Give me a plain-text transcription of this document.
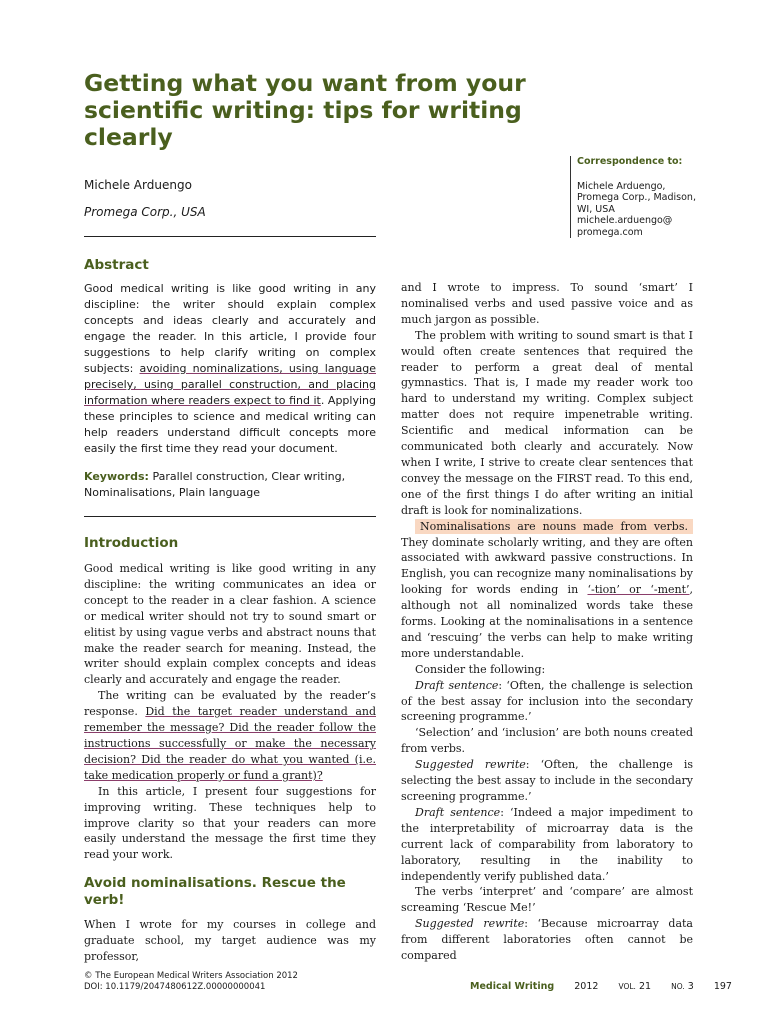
Getting what you want from your scientific writing: tips for writing clearly
Michele Arduengo
Promega Corp., USA
Correspondence to:
Michele Arduengo,
Promega Corp., Madison,
WI, USA
michele.arduengo@
promega.com
Abstract

Good medical writing is like good writing in any discipline: the writer should explain complex concepts and ideas clearly and accurately and engage the reader. In this article, I provide four suggestions to help clarify writing on complex subjects: avoiding nominalizations, using language precisely, using parallel construction, and placing information where readers expect to find it. Applying these principles to science and medical writing can help readers understand difficult concepts more easily the first time they read your document.

Keywords: Parallel construction, Clear writing, Nominalisations, Plain language

Introduction

Good medical writing is like good writing in any discipline: the writing communicates an idea or concept to the reader in a clear fashion. A science or medical writer should not try to sound smart or elitist by using vague verbs and abstract nouns that make the reader search for meaning. Instead, the writer should explain complex concepts and ideas clearly and accurately and engage the reader.

The writing can be evaluated by the reader’s response. Did the target reader understand and remember the message? Did the reader follow the instructions successfully or make the necessary decision? Did the reader do what you wanted (i.e. take medication properly or fund a grant)?

In this article, I present four suggestions for improving writing. These techniques help to improve clarity so that your readers can more easily understand the message the first time they read your work.

Avoid nominalisations. Rescue the verb!

When I wrote for my courses in college and graduate school, my target audience was my professor,

and I wrote to impress. To sound ‘smart’ I nominalised verbs and used passive voice and as much jargon as possible.

The problem with writing to sound smart is that I would often create sentences that required the reader to perform a great deal of mental gymnastics. That is, I made my reader work too hard to understand my writing. Complex subject matter does not require impenetrable writing. Scientific and medical information can be communicated both clearly and accurately. Now when I write, I strive to create clear sentences that convey the message on the FIRST read. To this end, one of the first things I do after writing an initial draft is look for nominalizations.

Nominalisations are nouns made from verbs. They dominate scholarly writing, and they are often associated with awkward passive constructions. In English, you can recognize many nominalisations by looking for words ending in ‘-tion’ or ‘-ment’, although not all nominalized words take these forms. Looking at the nominalisations in a sentence and ‘rescuing’ the verbs can help to make writing more understandable.

Consider the following:

Draft sentence: ‘Often, the challenge is selection of the best assay for inclusion into the secondary screening programme.’

‘Selection’ and ‘inclusion’ are both nouns created from verbs.

Suggested rewrite: ‘Often, the challenge is selecting the best assay to include in the secondary screening programme.’

Draft sentence: ‘Indeed a major impediment to the interpretability of microarray data is the current lack of comparability from laboratory to laboratory, resulting in the inability to independently verify published data.’

The verbs ‘interpret’ and ‘compare’ are almost screaming ‘Rescue Me!’

Suggested rewrite: ‘Because microarray data from different laboratories often cannot be compared

© The European Medical Writers Association 2012
DOI: 10.1179/2047480612Z.00000000041	Medical Writing 2012	VOL. 21	NO. 3 197
